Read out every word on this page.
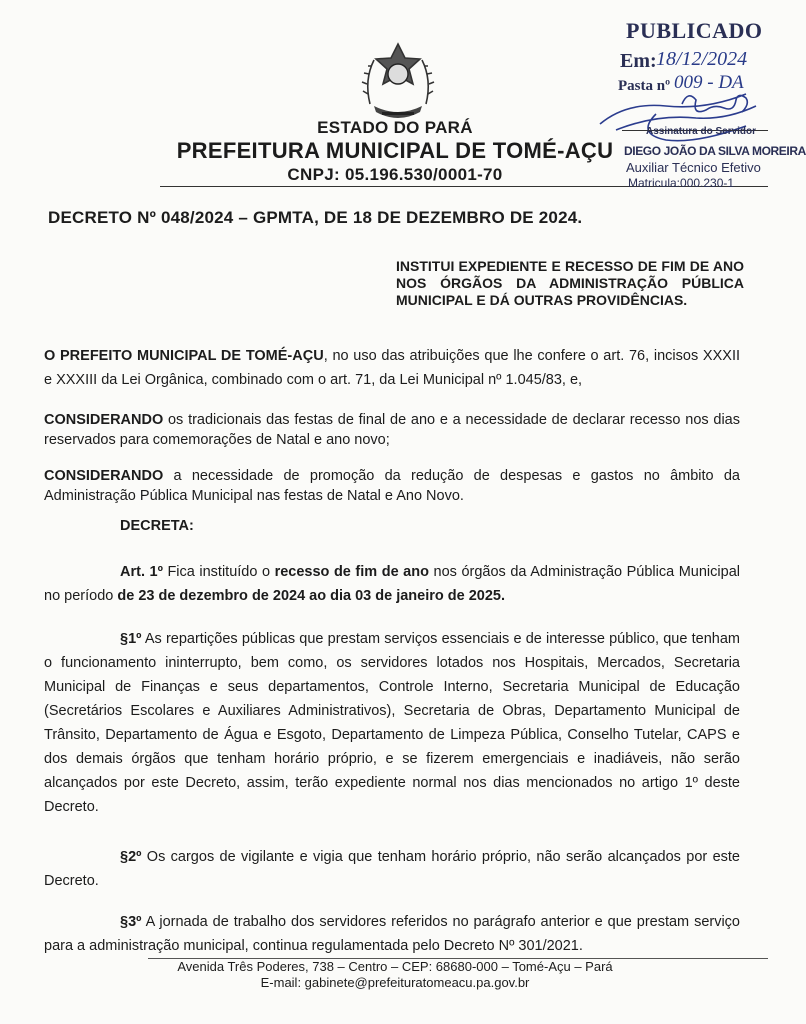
ESTADO DO PARÁ
PREFEITURA MUNICIPAL DE TOMÉ-AÇU
CNPJ: 05.196.530/0001-70
PUBLICADO
Em: 18/12/2024
Pasta nº 009 - DA
Assinatura do Servidor
DIEGO JOÃO DA SILVA MOREIRA
Auxiliar Técnico Efetivo
Matricula:000.230-1
DECRETO Nº 048/2024 – GPMTA, DE 18 DE DEZEMBRO DE 2024.
INSTITUI EXPEDIENTE E RECESSO DE FIM DE ANO NOS ÓRGÃOS DA ADMINISTRAÇÃO PÚBLICA MUNICIPAL E DÁ OUTRAS PROVIDÊNCIAS.
O PREFEITO MUNICIPAL DE TOMÉ-AÇU, no uso das atribuições que lhe confere o art. 76, incisos XXXII e XXXIII da Lei Orgânica, combinado com o art. 71, da Lei Municipal nº 1.045/83, e,
CONSIDERANDO os tradicionais das festas de final de ano e a necessidade de declarar recesso nos dias reservados para comemorações de Natal e ano novo;
CONSIDERANDO a necessidade de promoção da redução de despesas e gastos no âmbito da Administração Pública Municipal nas festas de Natal e Ano Novo.
DECRETA:
Art. 1º Fica instituído o recesso de fim de ano nos órgãos da Administração Pública Municipal no período de 23 de dezembro de 2024 ao dia 03 de janeiro de 2025.
§1º As repartições públicas que prestam serviços essenciais e de interesse público, que tenham o funcionamento ininterrupto, bem como, os servidores lotados nos Hospitais, Mercados, Secretaria Municipal de Finanças e seus departamentos, Controle Interno, Secretaria Municipal de Educação (Secretários Escolares e Auxiliares Administrativos), Secretaria de Obras, Departamento Municipal de Trânsito, Departamento de Água e Esgoto, Departamento de Limpeza Pública, Conselho Tutelar, CAPS e dos demais órgãos que tenham horário próprio, e se fizerem emergenciais e inadiáveis, não serão alcançados por este Decreto, assim, terão expediente normal nos dias mencionados no artigo 1º deste Decreto.
§2º Os cargos de vigilante e vigia que tenham horário próprio, não serão alcançados por este Decreto.
§3º A jornada de trabalho dos servidores referidos no parágrafo anterior e que prestam serviço para a administração municipal, continua regulamentada pelo Decreto Nº 301/2021.
Avenida Três Poderes, 738 – Centro – CEP: 68680-000 – Tomé-Açu – Pará
E-mail: gabinete@prefeituratomeacu.pa.gov.br
